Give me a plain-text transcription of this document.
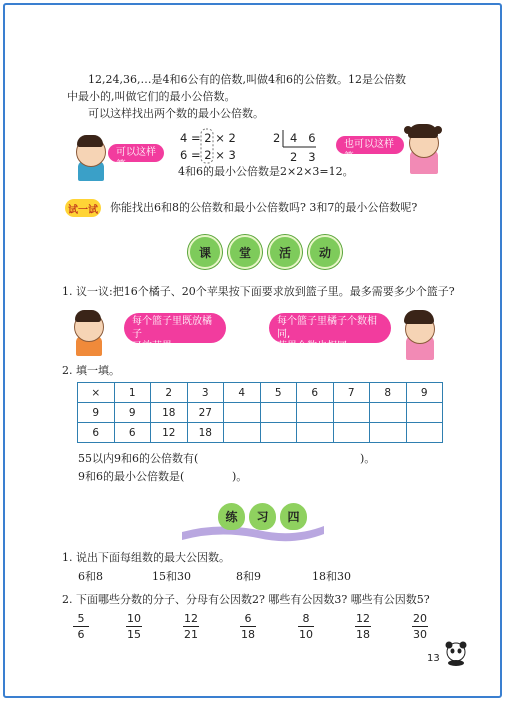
12,24,36,…是4和6公有的倍数,叫做4和6的公倍数。12是公倍数
中最小的,叫做它们的最小公倍数。
可以这样找出两个数的最小公倍数。
可以这样算。
4 = 2 × 2
6 = 2 × 3
2 4   6
2   3
也可以这样算。
4和6的最小公倍数是2×2×3=12。
试一试 你能找出6和8的公倍数和最小公倍数吗? 3和7的最小公倍数呢?
课	堂	活	动
1. 议一议:把16个橘子、20个苹果按下面要求放到篮子里。最多需要多少个篮子?
每个篮子里既放橘子
又放苹果。
每个篮子里橘子个数相同,
苹果个数也相同。
2. 填一填。
×	1	2	3	4	5	6	7	8	9
9	9	18	27						
6	6	12	18						
55以内9和6的公倍数有(	)。
9和6的最小公倍数是(	)。
练	习	四
1. 说出下面每组数的最大公因数。
6和8	15和30	8和9	18和30
2. 下面哪些分数的分子、分母有公因数2? 哪些有公因数3? 哪些有公因数5?
5
6
10
15
12
21
6
18
8
10
12
18
20
30
13
